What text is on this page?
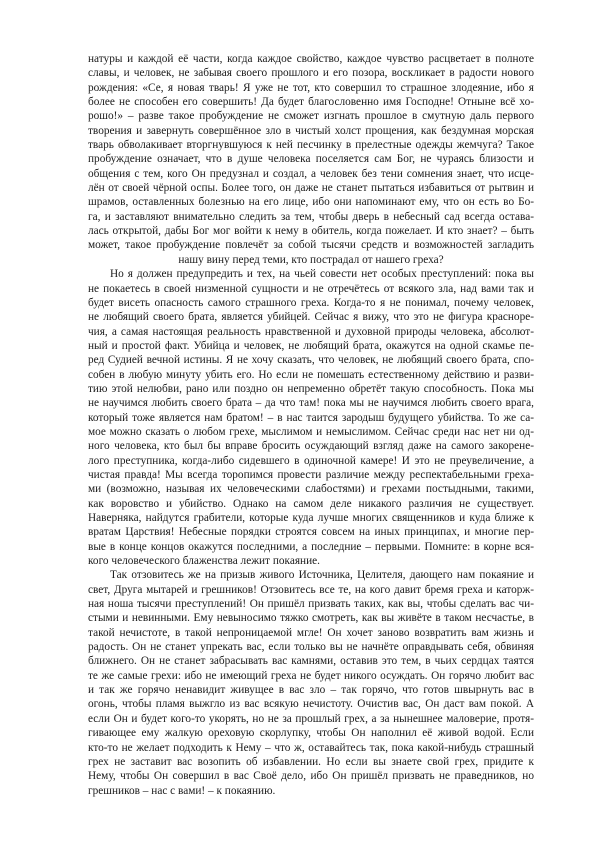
натуры и каждой её части, когда каждое свойство, каждое чувство расцветает в полноте
славы, и человек, не забывая своего прошлого и его позора, воскликает в радости нового
рождения: «Се, я новая тварь! Я уже не тот, кто совершил то страшное злодеяние, ибо я
более не способен его совершить! Да будет благословенно имя Господне! Отныне всё хо-
рошо!» – разве такое пробуждение не сможет изгнать прошлое в смутную даль первого
творения и завернуть совершённое зло в чистый холст прощения, как бездумная морская
тварь обволакивает вторгнувшуюся к ней песчинку в прелестные одежды жемчуга? Такое
пробуждение означает, что в душе человека поселяется сам Бог, не чураясь близости и
общения с тем, кого Он предузнал и создал, а человек без тени сомнения знает, что исце-
лён от своей чёрной оспы. Более того, он даже не станет пытаться избавиться от рытвин и
шрамов, оставленных болезнью на его лице, ибо они напоминают ему, что он есть во Бо-
га, и заставляют внимательно следить за тем, чтобы дверь в небесный сад всегда остава-
лась открытой, дабы Бог мог войти к нему в обитель, когда пожелает. И кто знает? – быть
может, такое пробуждение повлечёт за собой тысячи средств и возможностей загладить
нашу вину перед теми, кто пострадал от нашего греха?
Но я должен предупредить и тех, на чьей совести нет особых преступлений: пока вы
не покаетесь в своей низменной сущности и не отречётесь от всякого зла, над вами так и
будет висеть опасность самого страшного греха. Когда-то я не понимал, почему человек,
не любящий своего брата, является убийцей. Сейчас я вижу, что это не фигура красноре-
чия, а самая настоящая реальность нравственной и духовной природы человека, абсолют-
ный и простой факт. Убийца и человек, не любящий брата, окажутся на одной скамье пе-
ред Судией вечной истины. Я не хочу сказать, что человек, не любящий своего брата, спо-
собен в любую минуту убить его. Но если не помешать естественному действию и разви-
тию этой нелюбви, рано или поздно он непременно обретёт такую способность. Пока мы
не научимся любить своего брата – да что там! пока мы не научимся любить своего врага,
который тоже является нам братом! – в нас таится зародыш будущего убийства. То же са-
мое можно сказать о любом грехе, мыслимом и немыслимом. Сейчас среди нас нет ни од-
ного человека, кто был бы вправе бросить осуждающий взгляд даже на самого закорене-
лого преступника, когда-либо сидевшего в одиночной камере! И это не преувеличение, а
чистая правда! Мы всегда торопимся провести различие между респектабельными греха-
ми (возможно, называя их человеческими слабостями) и грехами постыдными, такими,
как воровство и убийство. Однако на самом деле никакого различия не существует.
Наверняка, найдутся грабители, которые куда лучше многих священников и куда ближе к
вратам Царствия! Небесные порядки строятся совсем на иных принципах, и многие пер-
вые в конце концов окажутся последними, а последние – первыми. Помните: в корне вся-
кого человеческого блаженства лежит покаяние.
Так отзовитесь же на призыв живого Источника, Целителя, дающего нам покаяние и
свет, Друга мытарей и грешников! Отзовитесь все те, на кого давит бремя греха и каторж-
ная ноша тысячи преступлений! Он пришёл призвать таких, как вы, чтобы сделать вас чи-
стыми и невинными. Ему невыносимо тяжко смотреть, как вы живёте в таком несчастье, в
такой нечистоте, в такой непроницаемой мгле! Он хочет заново возвратить вам жизнь и
радость. Он не станет упрекать вас, если только вы не начнёте оправдывать себя, обвиняя
ближнего. Он не станет забрасывать вас камнями, оставив это тем, в чьих сердцах таятся
те же самые грехи: ибо не имеющий греха не будет никого осуждать. Он горячо любит вас
и так же горячо ненавидит живущее в вас зло – так горячо, что готов швырнуть вас в
огонь, чтобы пламя выжгло из вас всякую нечистоту. Очистив вас, Он даст вам покой. А
если Он и будет кого-то укорять, но не за прошлый грех, а за нынешнее маловерие, протя-
гивающее ему жалкую ореховую скорлупку, чтобы Он наполнил её живой водой. Если
кто-то не желает подходить к Нему – что ж, оставайтесь так, пока какой-нибудь страшный
грех не заставит вас возопить об избавлении. Но если вы знаете свой грех, придите к
Нему, чтобы Он совершил в вас Своё дело, ибо Он пришёл призвать не праведников, но
грешников – нас с вами! – к покаянию.
